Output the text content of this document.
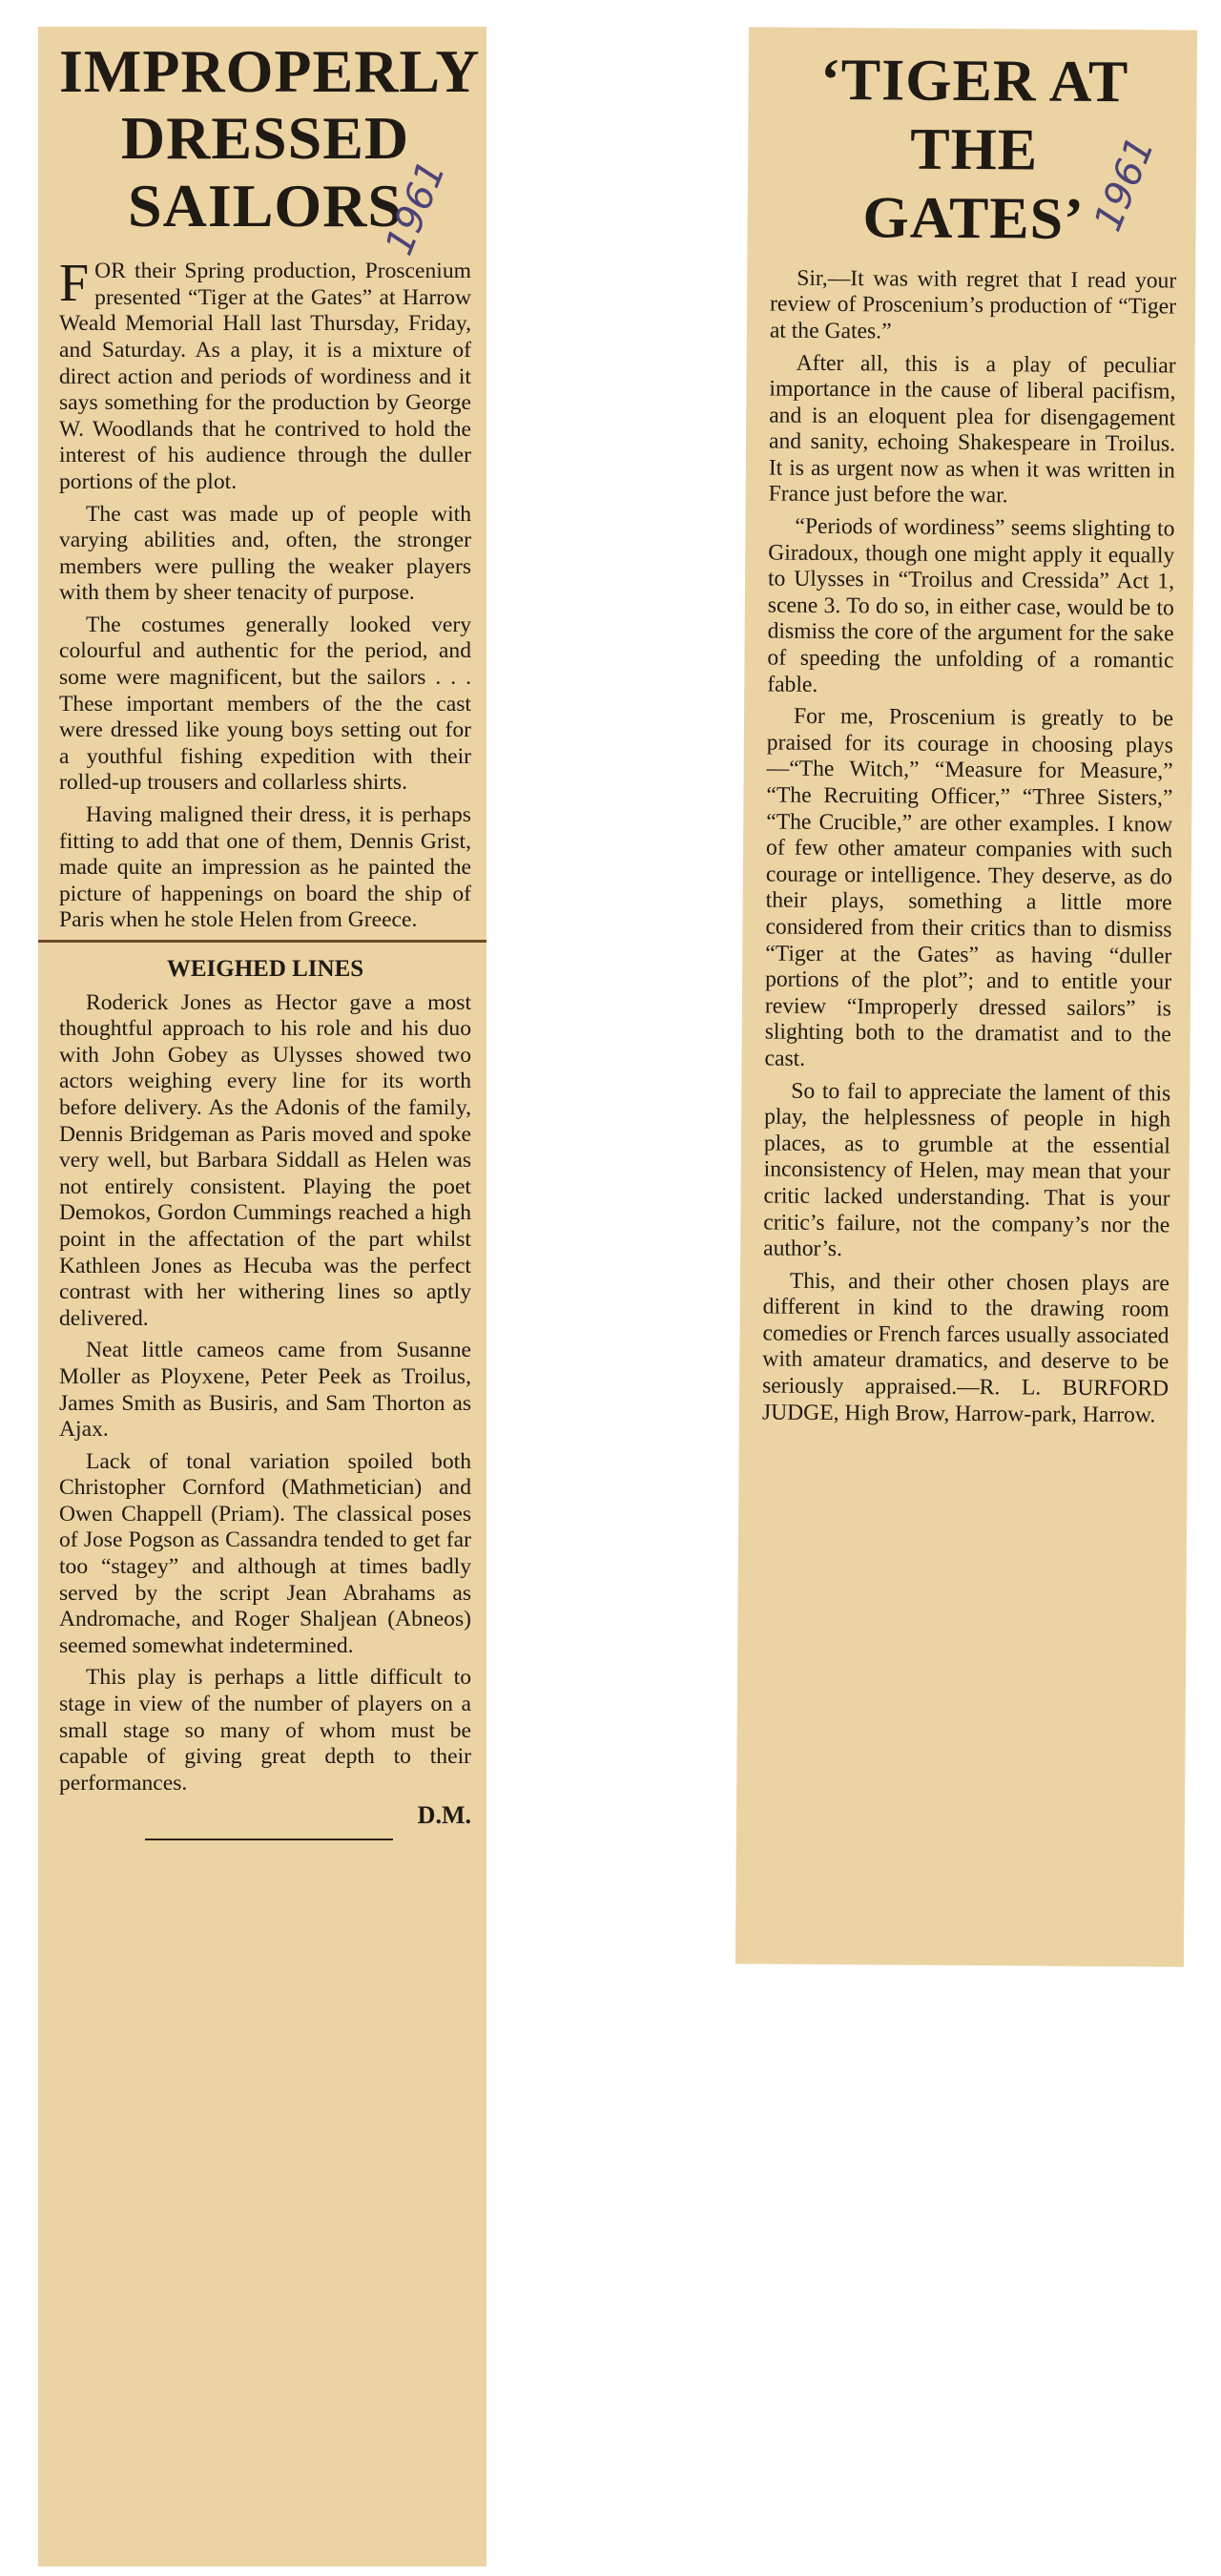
IMPROPERLY
DRESSED
SAILORS

FOR their Spring production, Proscenium presented “Tiger at the Gates” at Harrow Weald Memorial Hall last Thursday, Friday, and Saturday. As a play, it is a mixture of direct action and periods of wordiness and it says something for the production by George W. Woodlands that he contrived to hold the interest of his audience through the duller portions of the plot.

The cast was made up of people with varying abilities and, often, the stronger members were pulling the weaker players with them by sheer tenacity of purpose.

The costumes generally looked very colourful and authentic for the period, and some were magnificent, but the sailors . . . These important members of the the cast were dressed like young boys setting out for a youthful fishing expedition with their rolled-up trousers and collarless shirts.

Having maligned their dress, it is perhaps fitting to add that one of them, Dennis Grist, made quite an impression as he painted the picture of happenings on board the ship of Paris when he stole Helen from Greece.

WEIGHED LINES

Roderick Jones as Hector gave a most thoughtful approach to his role and his duo with John Gobey as Ulysses showed two actors weighing every line for its worth before delivery. As the Adonis of the family, Dennis Bridgeman as Paris moved and spoke very well, but Barbara Siddall as Helen was not entirely consistent. Playing the poet Demokos, Gordon Cummings reached a high point in the affectation of the part whilst Kathleen Jones as Hecuba was the perfect contrast with her withering lines so aptly delivered.

Neat little cameos came from Susanne Moller as Ployxene, Peter Peek as Troilus, James Smith as Busiris, and Sam Thorton as Ajax.

Lack of tonal variation spoiled both Christopher Cornford (Mathmetician) and Owen Chappell (Priam). The classical poses of Jose Pogson as Cassandra tended to get far too “stagey” and although at times badly served by the script Jean Abrahams as Andromache, and Roger Shaljean (Abneos) seemed somewhat indetermined.

This play is perhaps a little difficult to stage in view of the number of players on a small stage so many of whom must be capable of giving great depth to their performances.

D.M.
1961
‘TIGER AT
THE
GATES’

Sir,—It was with regret that I read your review of Proscenium’s production of “Tiger at the Gates.”

After all, this is a play of peculiar importance in the cause of liberal pacifism, and is an eloquent plea for disengagement and sanity, echoing Shakespeare in Troilus. It is as urgent now as when it was written in France just before the war.

“Periods of wordiness” seems slighting to Giradoux, though one might apply it equally to Ulysses in “Troilus and Cressida” Act 1, scene 3. To do so, in either case, would be to dismiss the core of the argument for the sake of speeding the unfolding of a romantic fable.

For me, Proscenium is greatly to be praised for its courage in choosing plays—“The Witch,” “Measure for Measure,” “The Recruiting Officer,” “Three Sisters,” “The Crucible,” are other examples. I know of few other amateur companies with such courage or intelligence. They deserve, as do their plays, something a little more considered from their critics than to dismiss “Tiger at the Gates” as having “duller portions of the plot”; and to entitle your review “Improperly dressed sailors” is slighting both to the dramatist and to the cast.

So to fail to appreciate the lament of this play, the helplessness of people in high places, as to grumble at the essential inconsistency of Helen, may mean that your critic lacked understanding. That is your critic’s failure, not the company’s nor the author’s.

This, and their other chosen plays are different in kind to the drawing room comedies or French farces usually associated with amateur dramatics, and deserve to be seriously appraised.—R. L. BURFORD JUDGE, High Brow, Harrow-park, Harrow.

1961
